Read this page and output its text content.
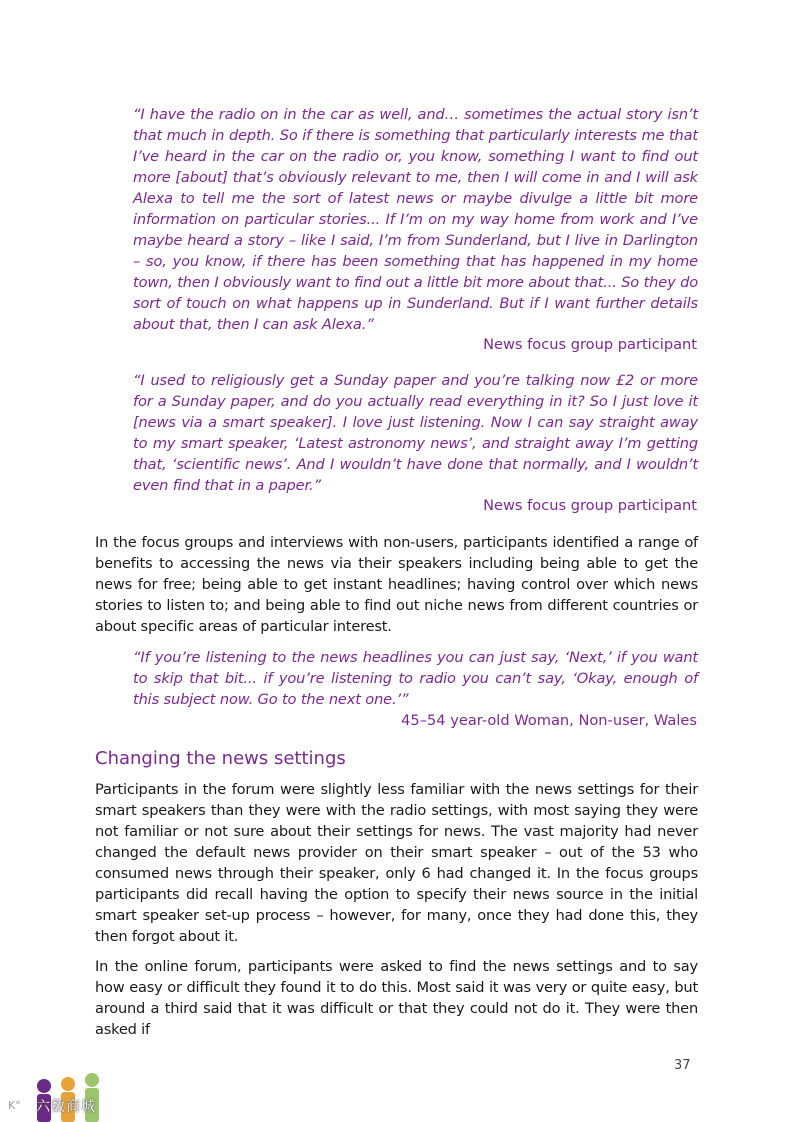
“I have the radio on in the car as well, and… sometimes the actual story isn’t that much in depth. So if there is something that particularly interests me that I’ve heard in the car on the radio or, you know, something I want to find out more [about] that’s obviously relevant to me, then I will come in and I will ask Alexa to tell me the sort of latest news or maybe divulge a little bit more information on particular stories... If I’m on my way home from work and I’ve maybe heard a story – like I said, I’m from Sunderland, but I live in Darlington – so, you know, if there has been something that has happened in my home town, then I obviously want to find out a little bit more about that... So they do sort of touch on what happens up in Sunderland. But if I want further details about that, then I can ask Alexa.”
News focus group participant
“I used to religiously get a Sunday paper and you’re talking now £2 or more for a Sunday paper, and do you actually read everything in it? So I just love it [news via a smart speaker]. I love just listening. Now I can say straight away to my smart speaker, ‘Latest astronomy news’, and straight away I’m getting that, ‘scientific news’. And I wouldn’t have done that normally, and I wouldn’t even find that in a paper.”
News focus group participant
In the focus groups and interviews with non-users, participants identified a range of benefits to accessing the news via their speakers including being able to get the news for free; being able to get instant headlines; having control over which news stories to listen to; and being able to find out niche news from different countries or about specific areas of particular interest.
“If you’re listening to the news headlines you can just say, ‘Next,’ if you want to skip that bit... if you’re listening to radio you can’t say, ‘Okay, enough of this subject now. Go to the next one.’”
45–54 year-old Woman, Non-user, Wales
Changing the news settings
Participants in the forum were slightly less familiar with the news settings for their smart speakers than they were with the radio settings, with most saying they were not familiar or not sure about their settings for news. The vast majority had never changed the default news provider on their smart speaker – out of the 53 who consumed news through their speaker, only 6 had changed it. In the focus groups participants did recall having the option to specify their news source in the initial smart speaker set-up process – however, for many, once they had done this, they then forgot about it.
In the online forum, participants were asked to find the news settings and to say how easy or difficult they found it to do this. Most said it was very or quite easy, but around a third said that it was difficult or that they could not do it. They were then asked if
37
K° 六数商城
